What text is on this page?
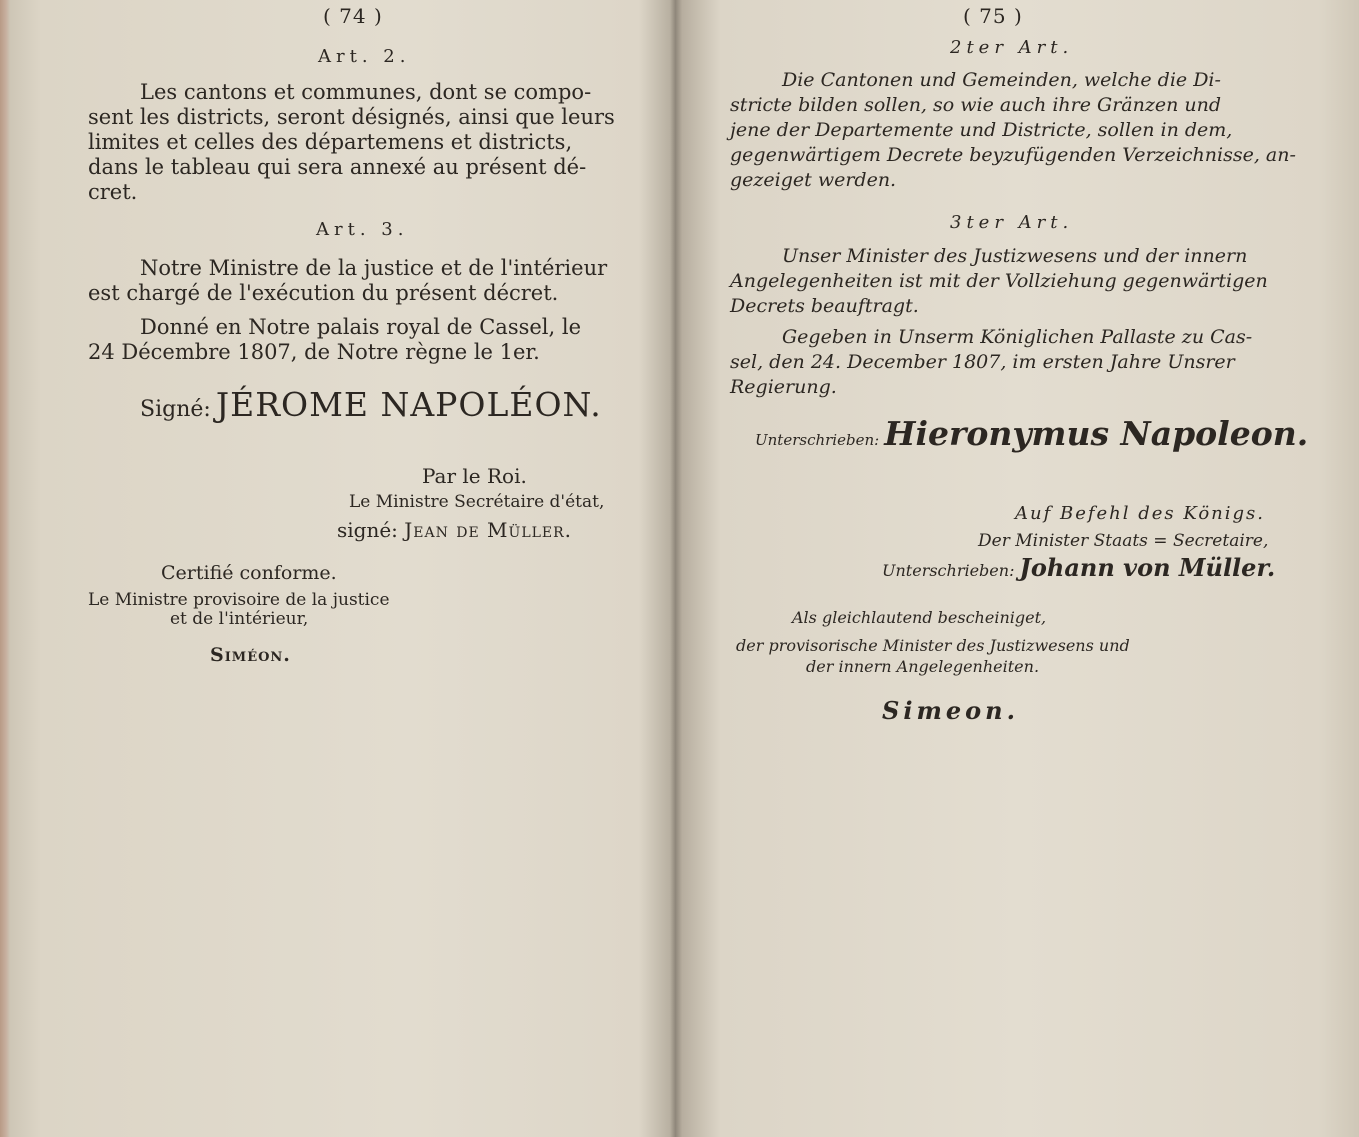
( 74 )
Art. 2.
Les cantons et communes, dont se compo-
sent les districts, seront désignés, ainsi que leurs
limites et celles des départemens et districts,
dans le tableau qui sera annexé au présent dé-
cret.
Art. 3.
Notre Ministre de la justice et de l'intérieur
est chargé de l'exécution du présent décret.
Donné en Notre palais royal de Cassel, le
24 Décembre 1807, de Notre règne le 1er.
Signé: JÉROME NAPOLÉON.
Par le Roi.
Le Ministre Secrétaire d'état,
signé: Jean de Müller.
Certifié conforme.
Le Ministre provisoire de la justice
et de l'intérieur,
Siméon.
( 75 )
2ter Art.
Die Cantonen und Gemeinden, welche die Di-
stricte bilden sollen, so wie auch ihre Gränzen und
jene der Departemente und Districte, sollen in dem,
gegenwärtigem Decrete beyzufügenden Verzeichnisse, an-
gezeiget werden.
3ter Art.
Unser Minister des Justizwesens und der innern
Angelegenheiten ist mit der Vollziehung gegenwärtigen
Decrets beauftragt.
Gegeben in Unserm Königlichen Pallaste zu Cas-
sel, den 24. December 1807, im ersten Jahre Unsrer
Regierung.
Unterschrieben: Hieronymus Napoleon.
Auf Befehl des Königs.
Der Minister Staats = Secretaire,
Unterschrieben: Johann von Müller.
Als gleichlautend bescheiniget,
der provisorische Minister des Justizwesens und
der innern Angelegenheiten.
Simeon.
